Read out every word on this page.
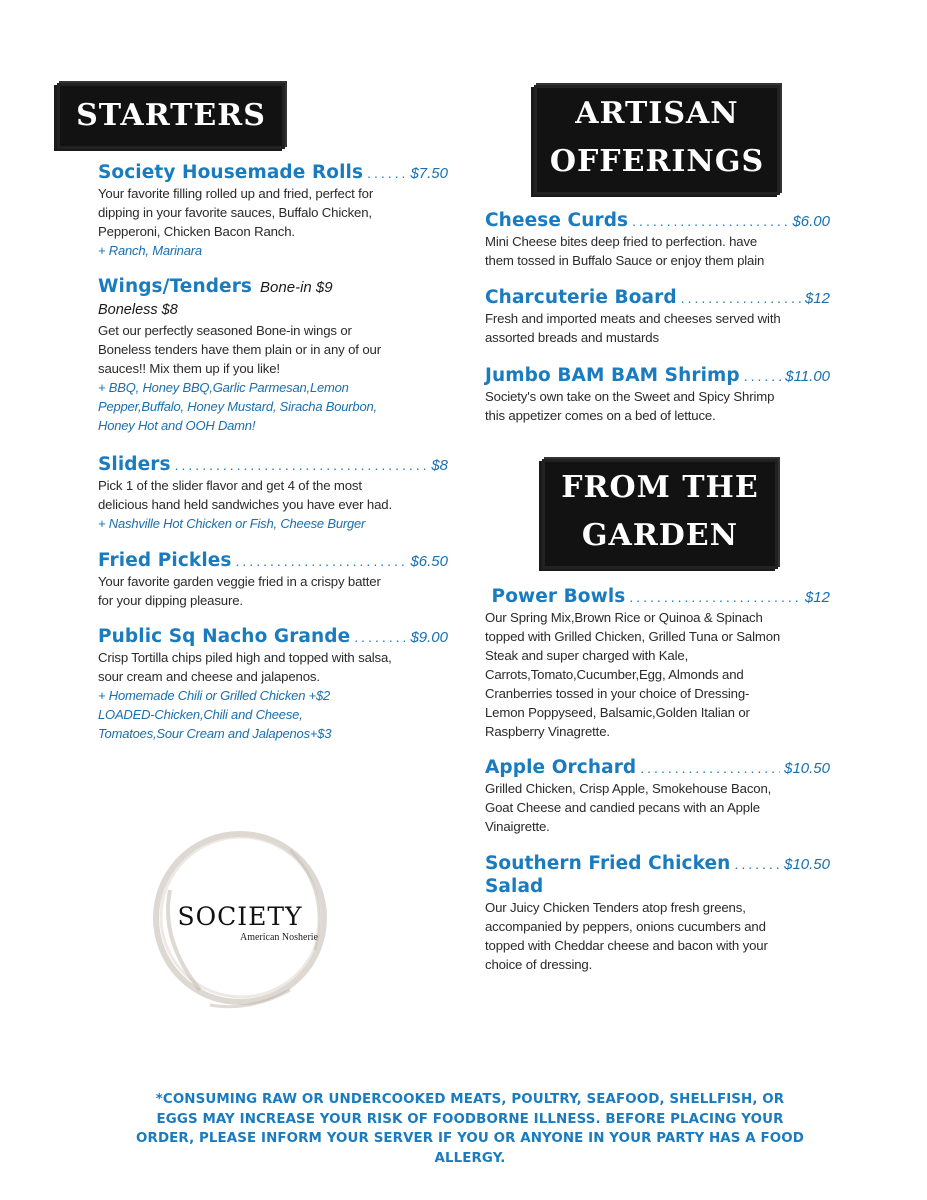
STARTERS
Society Housemade Rolls .....	$7.50
Your favorite filling rolled up and fried, perfect for
dipping in your favorite sauces, Buffalo Chicken,
Pepperoni, Chicken Bacon Ranch.
+ Ranch, Marinara
Wings/Tenders Bone-in $9
Boneless $8
Get our perfectly seasoned Bone-in wings or
Boneless tenders have them plain or in any of our
sauces!! Mix them up if you like!
+ BBQ, Honey BBQ,Garlic Parmesan,Lemon
Pepper,Buffalo, Honey Mustard, Siracha Bourbon,
Honey Hot and OOH Damn!
Sliders .....	$8
Pick 1 of the slider flavor and get 4 of the most
delicious hand held sandwiches you have ever had.
+ Nashville Hot Chicken or Fish, Cheese Burger
Fried Pickles .....	$6.50
Your favorite garden veggie fried in a crispy batter
for your dipping pleasure.
Public Sq Nacho Grande .....	$9.00
Crisp Tortilla chips piled high and topped with salsa,
sour cream and cheese and jalapenos.
+ Homemade Chili or Grilled Chicken +$2
LOADED-Chicken,Chili and Cheese,
Tomatoes,Sour Cream and Jalapenos+$3
ARTISAN
OFFERINGS
Cheese Curds .....	$6.00
Mini Cheese bites deep fried to perfection. have
them tossed in Buffalo Sauce or enjoy them plain
Charcuterie Board .....	$12
Fresh and imported meats and cheeses served with
assorted breads and mustards
Jumbo BAM BAM Shrimp .....	$11.00
Society's own take on the Sweet and Spicy Shrimp
this appetizer comes on a bed of lettuce.
FROM THE
GARDEN
Power Bowls .....	$12
Our Spring Mix,Brown Rice or Quinoa & Spinach
topped with Grilled Chicken, Grilled Tuna or Salmon
Steak and super charged with Kale,
Carrots,Tomato,Cucumber,Egg, Almonds and
Cranberries tossed in your choice of Dressing-
Lemon Poppyseed, Balsamic,Golden Italian or
Raspberry Vinagrette.
Apple Orchard .....	$10.50
Grilled Chicken, Crisp Apple, Smokehouse Bacon,
Goat Cheese and candied pecans with an Apple
Vinaigrette.
Southern Fried Chicken .....	$10.50
Salad
Our Juicy Chicken Tenders atop fresh greens,
accompanied by peppers, onions cucumbers and
topped with Cheddar cheese and bacon with your
choice of dressing.
SOCIETY
American Nosherie
*CONSUMING RAW OR UNDERCOOKED MEATS, POULTRY, SEAFOOD, SHELLFISH, OR
EGGS MAY INCREASE YOUR RISK OF FOODBORNE ILLNESS. BEFORE PLACING YOUR
ORDER, PLEASE INFORM YOUR SERVER IF YOU OR ANYONE IN YOUR PARTY HAS A FOOD
ALLERGY.
